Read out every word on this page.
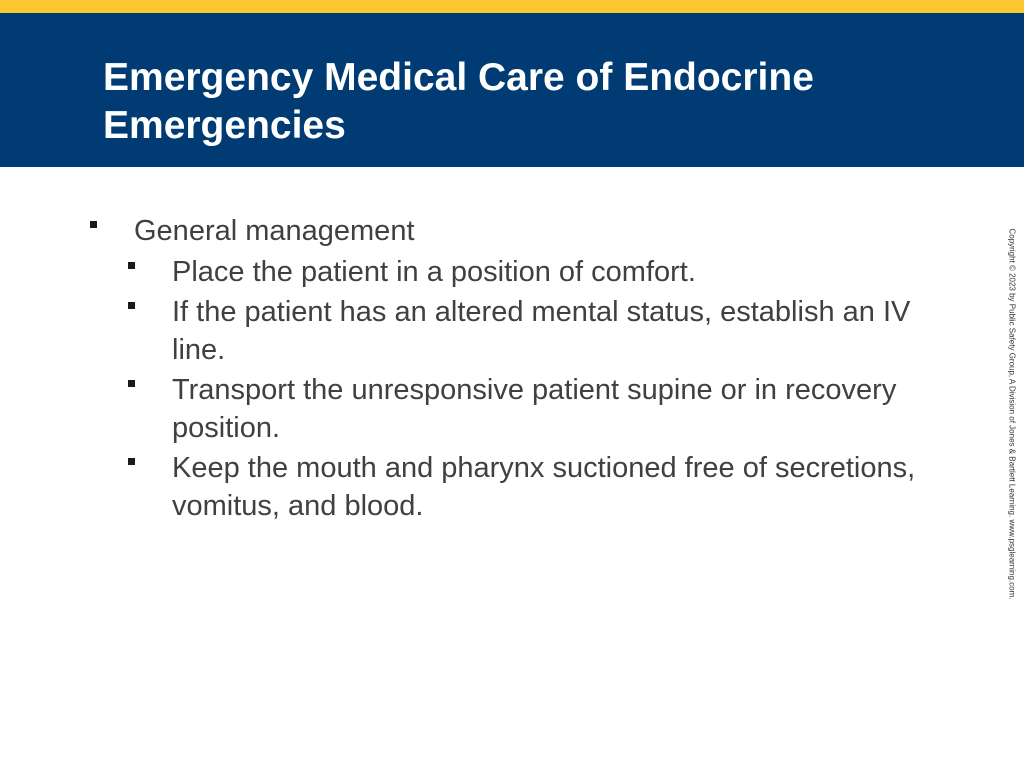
Emergency Medical Care of Endocrine Emergencies
General management
Place the patient in a position of comfort.
If the patient has an altered mental status, establish an IV line.
Transport the unresponsive patient supine or in recovery position.
Keep the mouth and pharynx suctioned free of secretions, vomitus, and blood.	Copyright © 2023 by Public Safety Group, A Division of Jones & Bartlett Learning. www.psglearning.com.
